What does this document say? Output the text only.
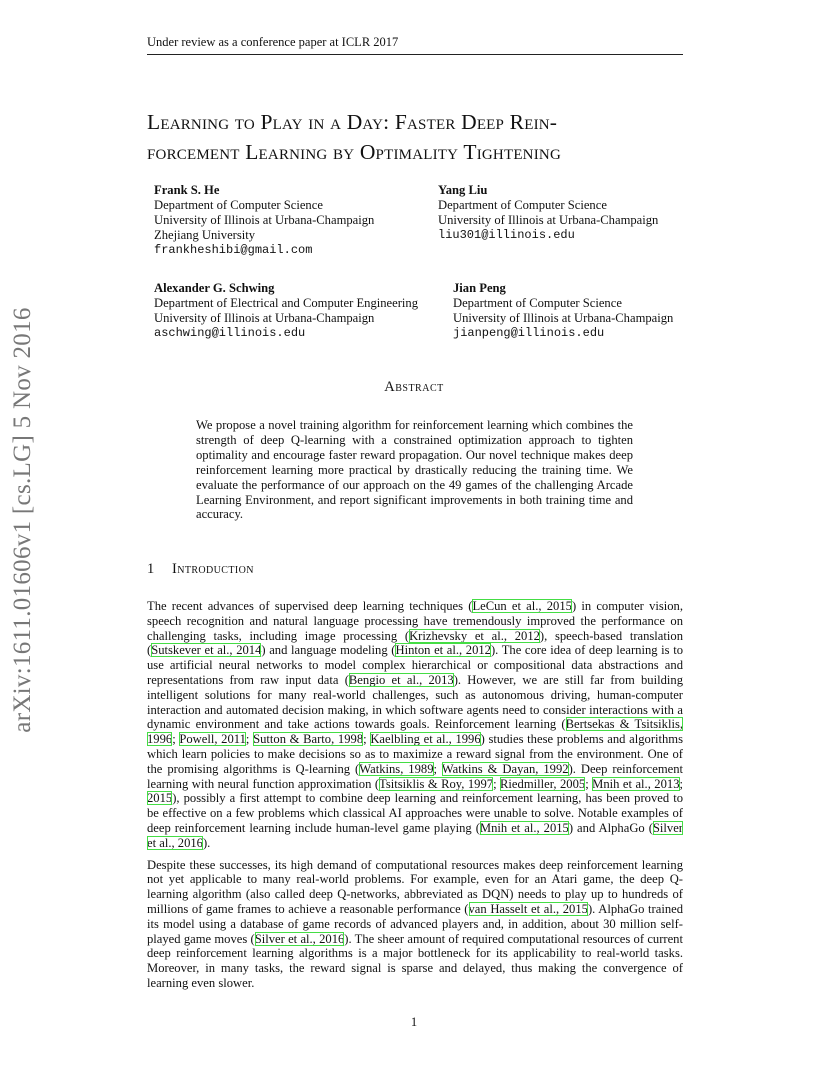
Under review as a conference paper at ICLR 2017
Learning to Play in a Day: Faster Deep Rein-
forcement Learning by Optimality Tightening
Frank S. He
Department of Computer Science
University of Illinois at Urbana-Champaign
Zhejiang University
frankheshibi@gmail.com
Yang Liu
Department of Computer Science
University of Illinois at Urbana-Champaign
liu301@illinois.edu
Alexander G. Schwing
Department of Electrical and Computer Engineering
University of Illinois at Urbana-Champaign
aschwing@illinois.edu
Jian Peng
Department of Computer Science
University of Illinois at Urbana-Champaign
jianpeng@illinois.edu
arXiv:1611.01606v1 [cs.LG] 5 Nov 2016	Abstract
We propose a novel training algorithm for reinforcement learning which combines the strength of deep Q-learning with a constrained optimization approach to tighten optimality and encourage faster reward propagation. Our novel technique makes deep reinforcement learning more practical by drastically reducing the training time. We evaluate the performance of our approach on the 49 games of the challenging Arcade Learning Environment, and report significant improvements in both training time and accuracy.
1 Introduction

The recent advances of supervised deep learning techniques (LeCun et al., 2015) in computer vision, speech recognition and natural language processing have tremendously improved the performance on challenging tasks, including image processing (Krizhevsky et al., 2012), speech-based translation (Sutskever et al., 2014) and language modeling (Hinton et al., 2012). The core idea of deep learning is to use artificial neural networks to model complex hierarchical or compositional data abstractions and representations from raw input data (Bengio et al., 2013). However, we are still far from building intelligent solutions for many real-world challenges, such as autonomous driving, human-computer interaction and automated decision making, in which software agents need to consider interactions with a dynamic environment and take actions towards goals. Reinforcement learning (Bertsekas & Tsitsiklis, 1996; Powell, 2011; Sutton & Barto, 1998; Kaelbling et al., 1996) studies these problems and algorithms which learn policies to make decisions so as to maximize a reward signal from the environment. One of the promising algorithms is Q-learning (Watkins, 1989; Watkins & Dayan, 1992). Deep reinforcement learning with neural function approximation (Tsitsiklis & Roy, 1997; Riedmiller, 2005; Mnih et al., 2013; 2015), possibly a first attempt to combine deep learning and reinforcement learning, has been proved to be effective on a few problems which classical AI approaches were unable to solve. Notable examples of deep reinforcement learning include human-level game playing (Mnih et al., 2015) and AlphaGo (Silver et al., 2016).

Despite these successes, its high demand of computational resources makes deep reinforcement learning not yet applicable to many real-world problems. For example, even for an Atari game, the deep Q-learning algorithm (also called deep Q-networks, abbreviated as DQN) needs to play up to hundreds of millions of game frames to achieve a reasonable performance (van Hasselt et al., 2015). AlphaGo trained its model using a database of game records of advanced players and, in addition, about 30 million self-played game moves (Silver et al., 2016). The sheer amount of required computational resources of current deep reinforcement learning algorithms is a major bottleneck for its applicability to real-world tasks. Moreover, in many tasks, the reward signal is sparse and delayed, thus making the convergence of learning even slower.

1
